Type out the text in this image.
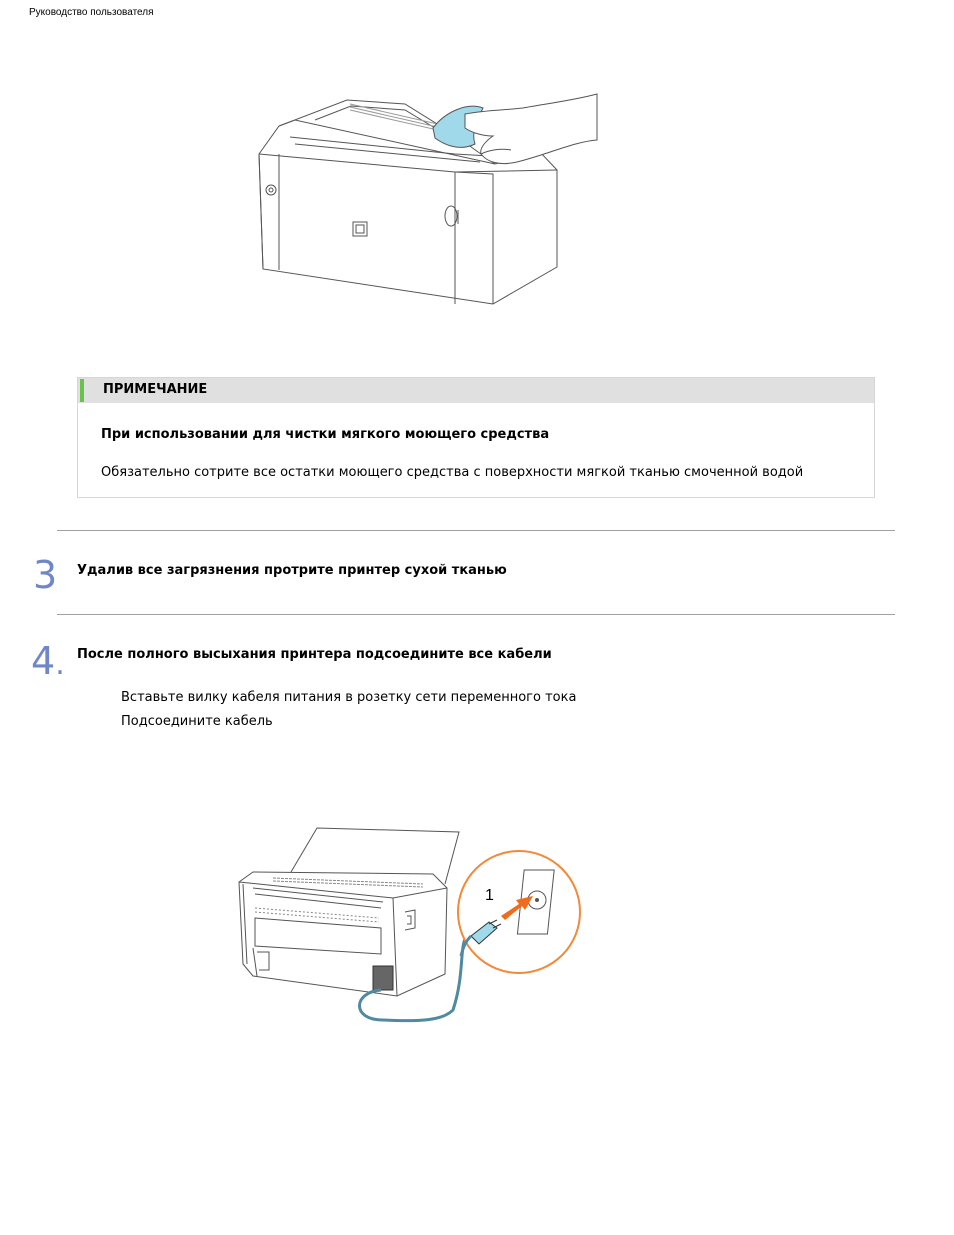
Руководство пользователя
ПРИМЕЧАНИЕ
При использовании для чистки мягкого моющего средства
Обязательно сотрите все остатки моющего средства с поверхности мягкой тканью смоченной водой
3 Удалив все загрязнения протрите принтер сухой тканью
4. После полного высыхания принтера подсоедините все кабели
Вставьте вилку кабеля питания в розетку сети переменного тока
Подсоедините кабель
1
